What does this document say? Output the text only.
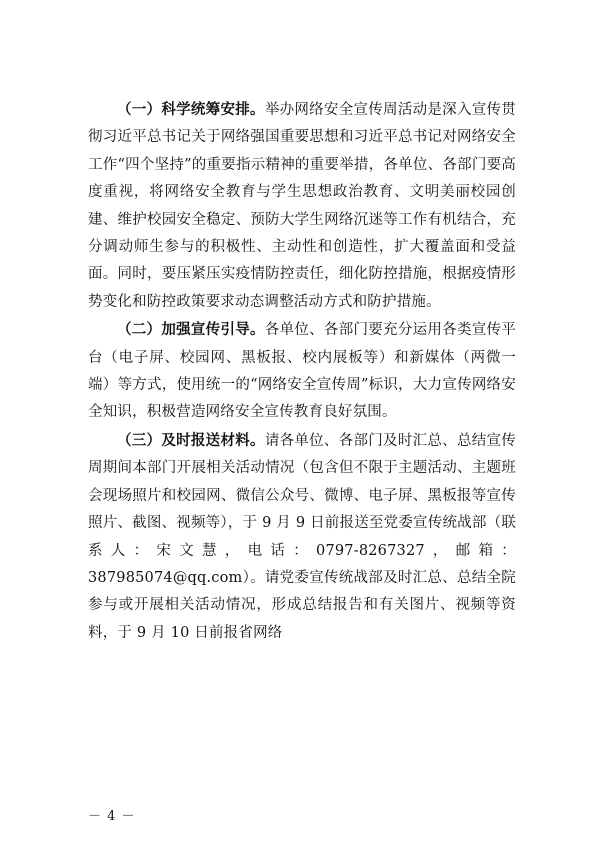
（一）科学统筹安排。举办网络安全宣传周活动是深入宣传贯彻习近平总书记关于网络强国重要思想和习近平总书记对网络安全工作“四个坚持”的重要指示精神的重要举措，各单位、各部门要高度重视，将网络安全教育与学生思想政治教育、文明美丽校园创建、维护校园安全稳定、预防大学生网络沉迷等工作有机结合，充分调动师生参与的积极性、主动性和创造性，扩大覆盖面和受益面。同时，要压紧压实疫情防控责任，细化防控措施，根据疫情形势变化和防控政策要求动态调整活动方式和防护措施。

（二）加强宣传引导。各单位、各部门要充分运用各类宣传平台（电子屏、校园网、黑板报、校内展板等）和新媒体（两微一端）等方式，使用统一的“网络安全宣传周”标识，大力宣传网络安全知识，积极营造网络安全宣传教育良好氛围。

（三）及时报送材料。请各单位、各部门及时汇总、总结宣传周期间本部门开展相关活动情况（包含但不限于主题活动、主题班会现场照片和校园网、微信公众号、微博、电子屏、黑板报等宣传照片、截图、视频等），于 9 月 9 日前报送至党委宣传统战部（联系人：宋文慧，电话：0797-8267327，邮箱：387985074@qq.com）。请党委宣传统战部及时汇总、总结全院参与或开展相关活动情况，形成总结报告和有关图片、视频等资料，于 9 月 10 日前报省网络

－ 4 －
